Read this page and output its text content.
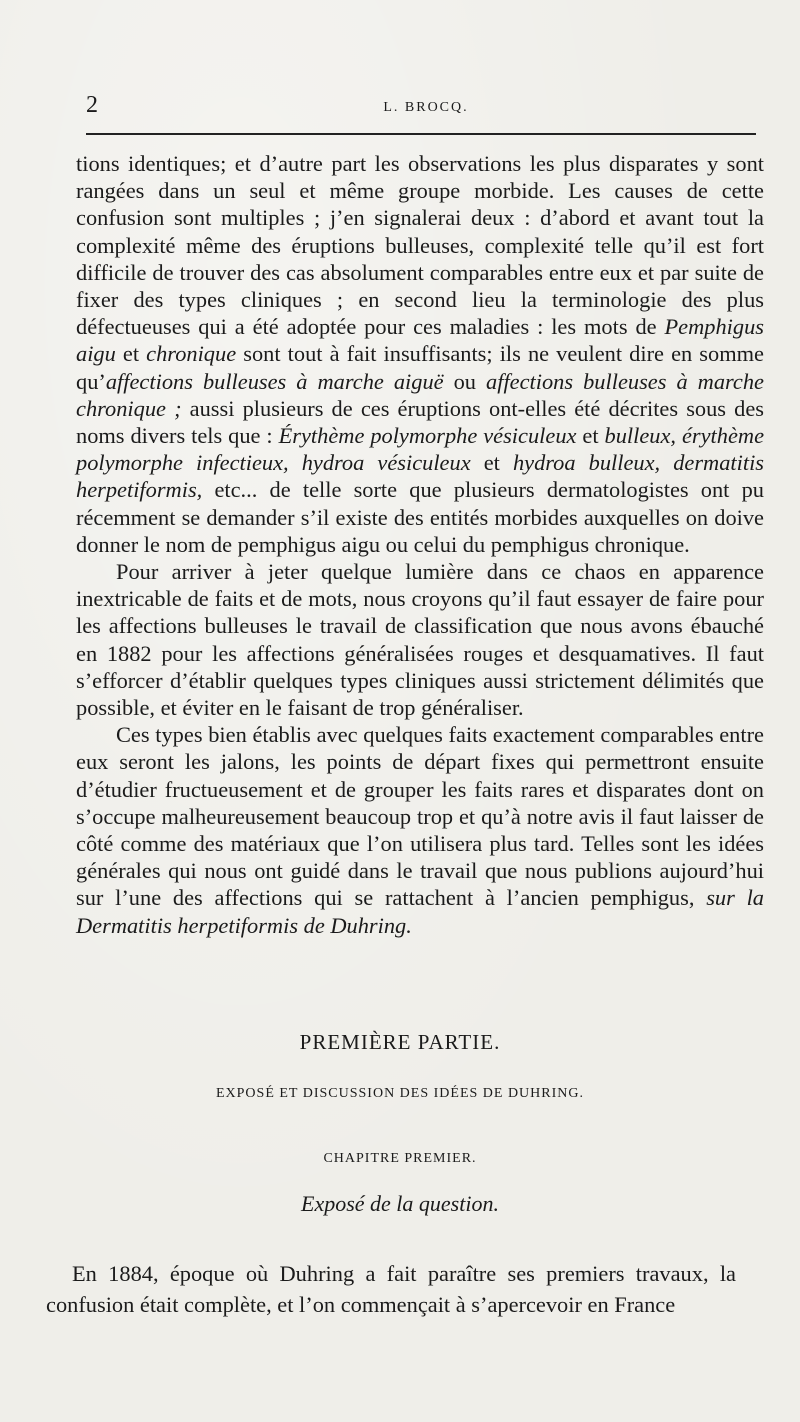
2	L. BROCQ.

tions identiques; et d’autre part les observations les plus disparates y sont rangées dans un seul et même groupe morbide. Les causes de cette confusion sont multiples ; j’en signalerai deux : d’abord et avant tout la complexité même des éruptions bulleuses, complexité telle qu’il est fort difficile de trouver des cas absolument comparables entre eux et par suite de fixer des types cliniques ; en second lieu la terminologie des plus défectueuses qui a été adoptée pour ces maladies : les mots de Pemphigus aigu et chronique sont tout à fait insuffisants; ils ne veulent dire en somme qu’affections bulleuses à marche aiguë ou affections bulleuses à marche chronique ; aussi plusieurs de ces éruptions ont-elles été décrites sous des noms divers tels que : Érythème polymorphe vésiculeux et bulleux, érythème polymorphe infectieux, hydroa vésiculeux et hydroa bulleux, dermatitis herpetiformis, etc... de telle sorte que plusieurs dermatologistes ont pu récemment se demander s’il existe des entités morbides auxquelles on doive donner le nom de pemphigus aigu ou celui du pemphigus chronique.

Pour arriver à jeter quelque lumière dans ce chaos en apparence inextricable de faits et de mots, nous croyons qu’il faut essayer de faire pour les affections bulleuses le travail de classification que nous avons ébauché en 1882 pour les affections généralisées rouges et desquamatives. Il faut s’efforcer d’établir quelques types cliniques aussi strictement délimités que possible, et éviter en le faisant de trop généraliser.

Ces types bien établis avec quelques faits exactement comparables entre eux seront les jalons, les points de départ fixes qui permettront ensuite d’étudier fructueusement et de grouper les faits rares et disparates dont on s’occupe malheureusement beaucoup trop et qu’à notre avis il faut laisser de côté comme des matériaux que l’on utilisera plus tard. Telles sont les idées générales qui nous ont guidé dans le travail que nous publions aujourd’hui sur l’une des affections qui se rattachent à l’ancien pemphigus, sur la Dermatitis herpetiformis de Duhring.

PREMIÈRE PARTIE.
EXPOSÉ ET DISCUSSION DES IDÉES DE DUHRING.
CHAPITRE PREMIER.
Exposé de la question.

En 1884, époque où Duhring a fait paraître ses premiers travaux, la confusion était complète, et l’on commençait à s’apercevoir en France
